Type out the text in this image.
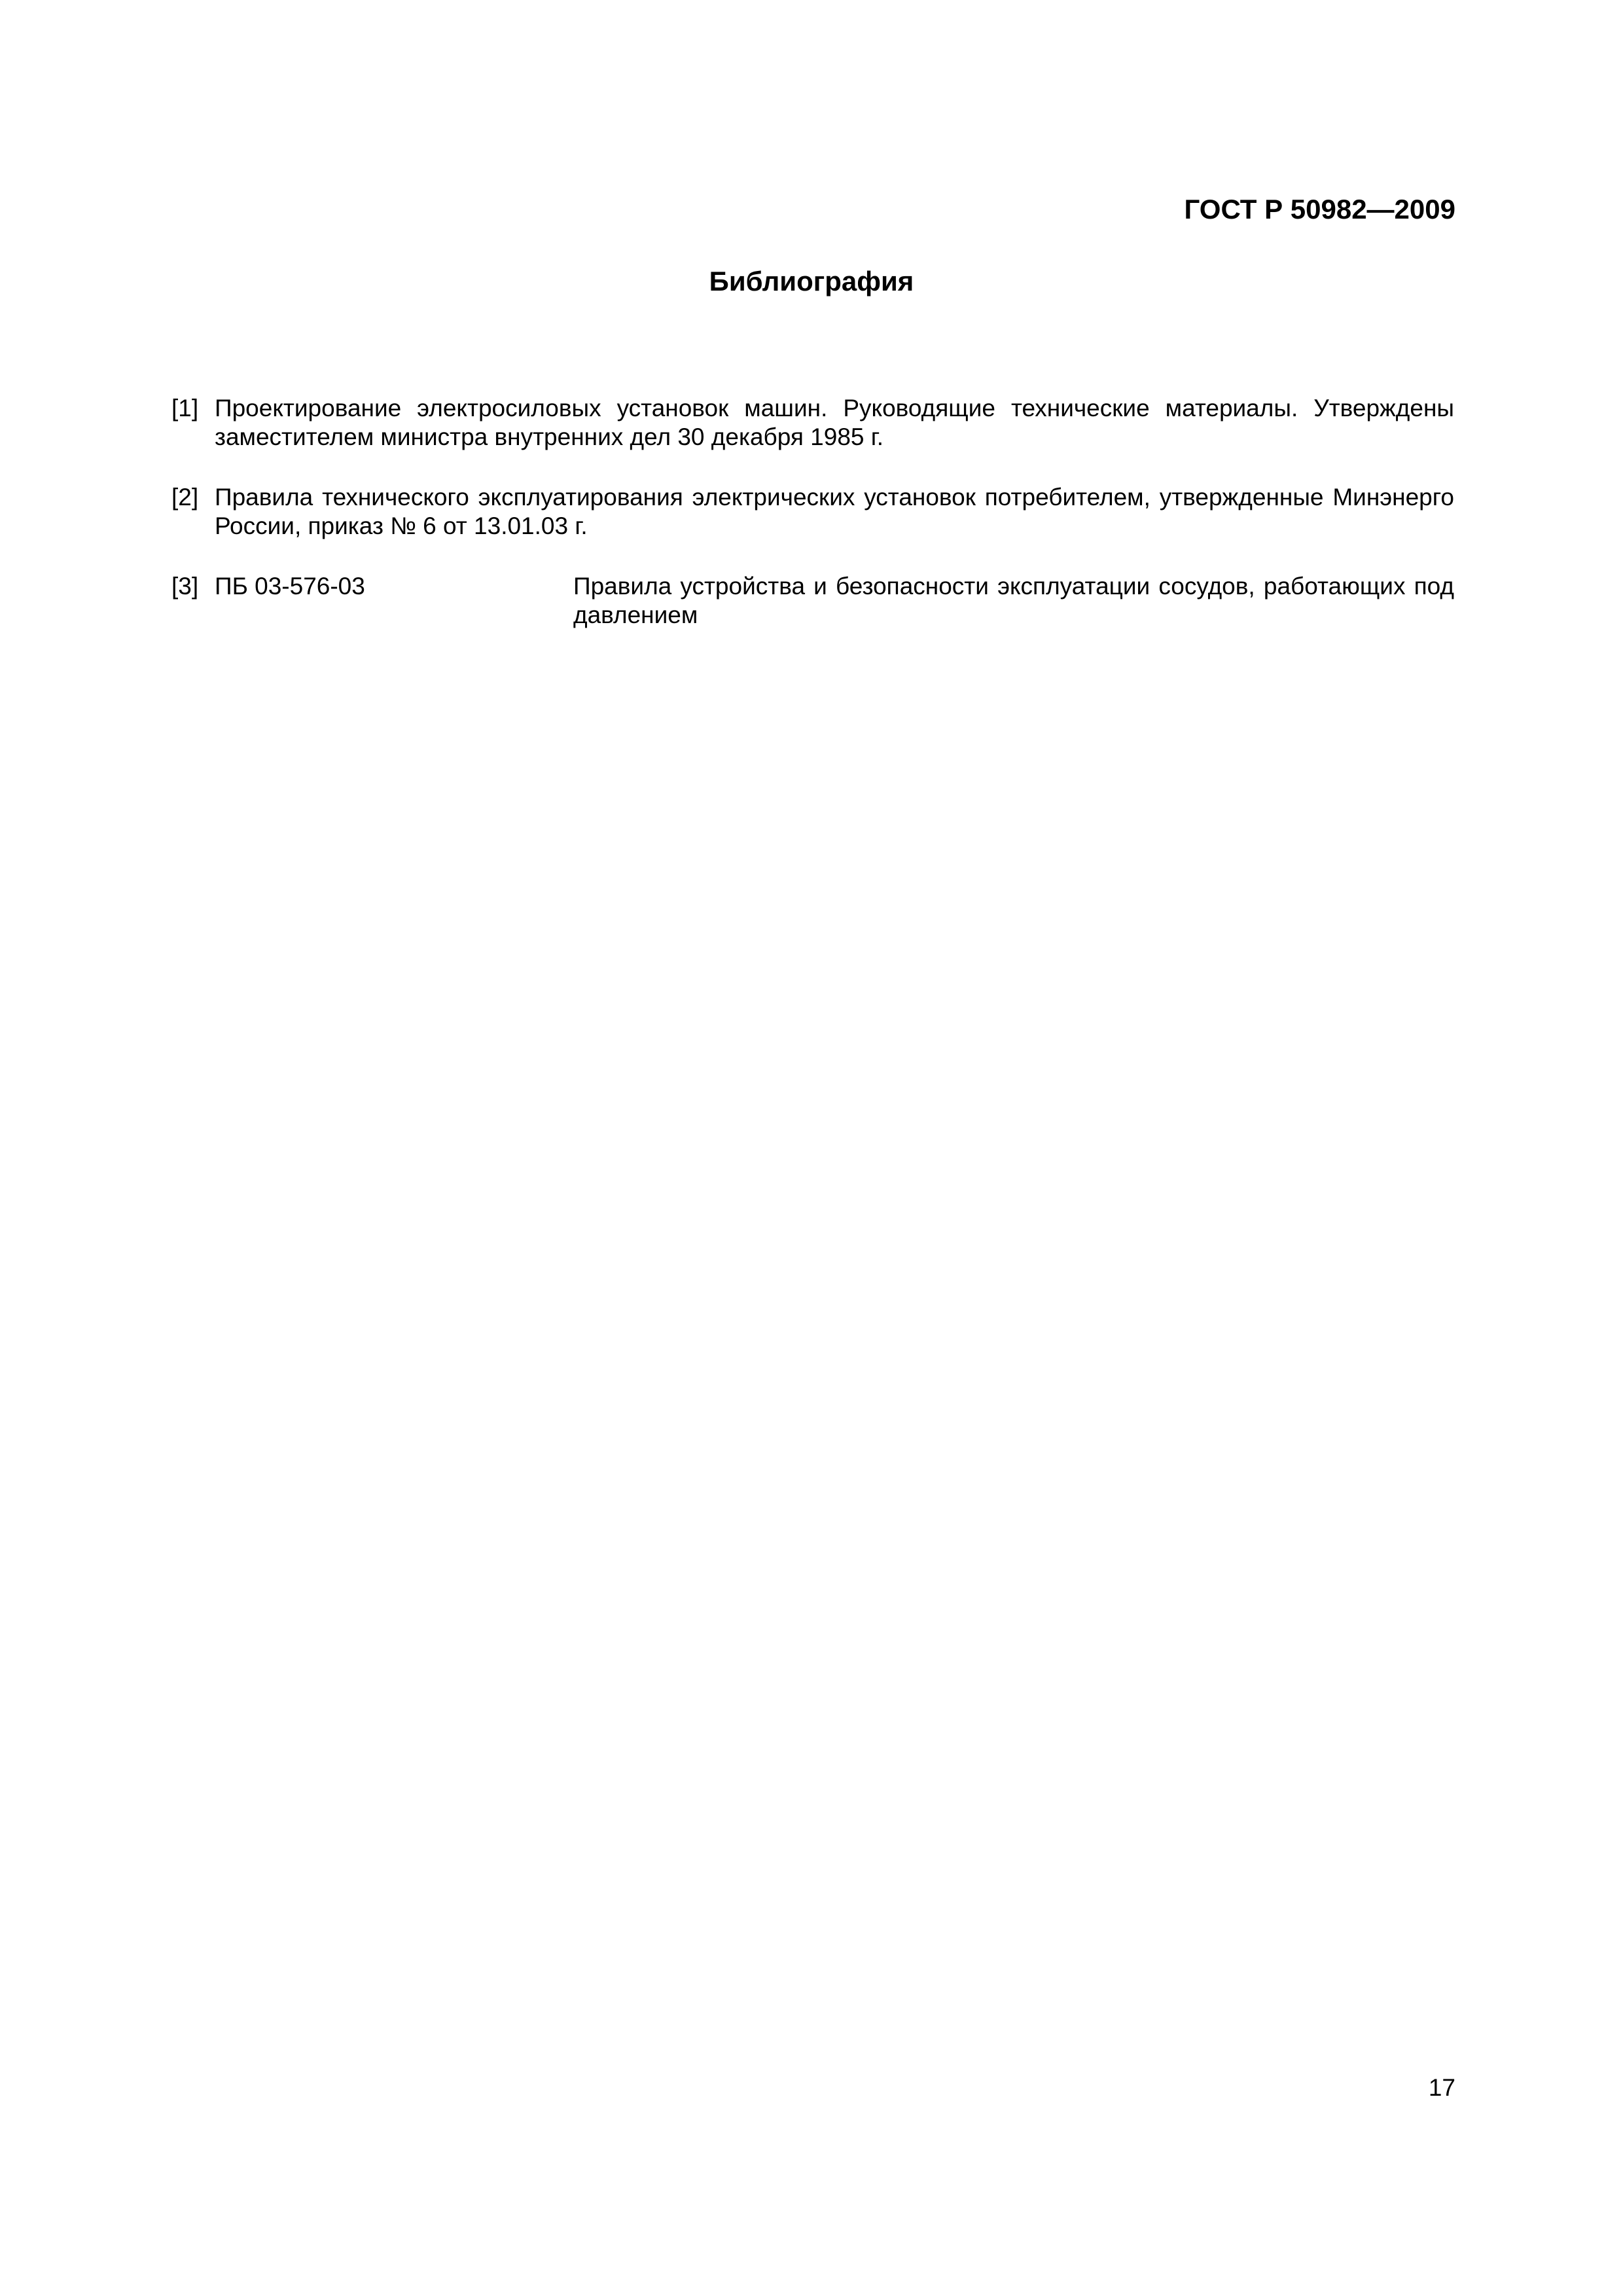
ГОСТ Р 50982—2009
Библиография
[1] Проектирование электросиловых установок машин. Руководящие технические материалы. Утверждены заместителем министра внутренних дел 30 декабря 1985 г.
[2] Правила технического эксплуатирования электрических установок потребителем, утвержденные Минэнерго России, приказ № 6 от 13.01.03 г.
[3] ПБ 03-576-03	Правила устройства и безопасности эксплуатации сосудов, работающих под давлением
17
